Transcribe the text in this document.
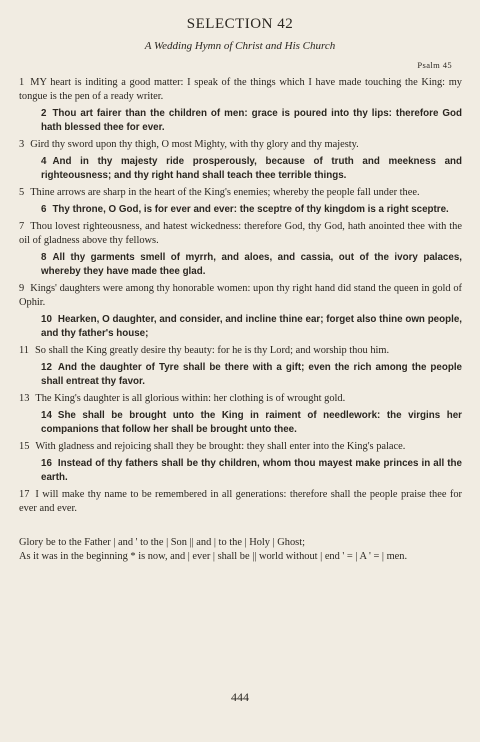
SELECTION 42
A Wedding Hymn of Christ and His Church
Psalm 45

1 MY heart is inditing a good matter: I speak of the things which I have made touching the King: my tongue is the pen of a ready writer.

2 Thou art fairer than the children of men: grace is poured into thy lips: therefore God hath blessed thee for ever.

3 Gird thy sword upon thy thigh, O most Mighty, with thy glory and thy majesty.

4 And in thy majesty ride prosperously, because of truth and meekness and righteousness; and thy right hand shall teach thee terrible things.

5 Thine arrows are sharp in the heart of the King's enemies; whereby the people fall under thee.

6 Thy throne, O God, is for ever and ever: the sceptre of thy kingdom is a right sceptre.

7 Thou lovest righteousness, and hatest wickedness: therefore God, thy God, hath anointed thee with the oil of gladness above thy fellows.

8 All thy garments smell of myrrh, and aloes, and cassia, out of the ivory palaces, whereby they have made thee glad.

9 Kings' daughters were among thy honorable women: upon thy right hand did stand the queen in gold of Ophir.

10 Hearken, O daughter, and consider, and incline thine ear; forget also thine own people, and thy father's house;

11 So shall the King greatly desire thy beauty: for he is thy Lord; and worship thou him.

12 And the daughter of Tyre shall be there with a gift; even the rich among the people shall entreat thy favor.

13 The King's daughter is all glorious within: her clothing is of wrought gold.

14 She shall be brought unto the King in raiment of needlework: the virgins her companions that follow her shall be brought unto thee.

15 With gladness and rejoicing shall they be brought: they shall enter into the King's palace.

16 Instead of thy fathers shall be thy children, whom thou mayest make princes in all the earth.

17 I will make thy name to be remembered in all generations: therefore shall the people praise thee for ever and ever.

Glory be to the Father | and ' to the | Son || and | to the | Holy | Ghost;

As it was in the beginning * is now, and | ever | shall be || world without | end ' = | A ' = | men.

444
